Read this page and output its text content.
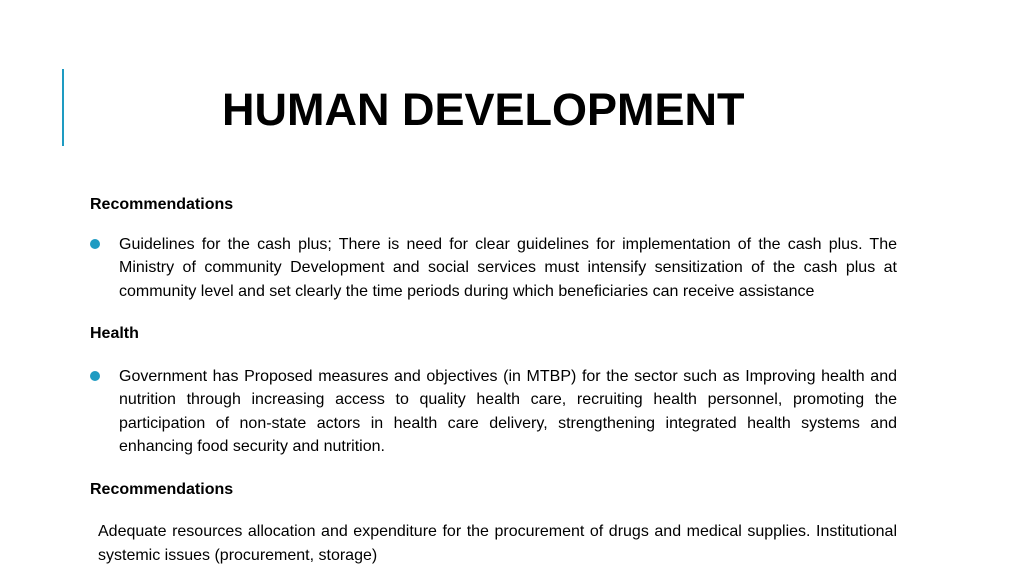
HUMAN DEVELOPMENT

Recommendations

Guidelines for the cash plus; There is need for clear guidelines for implementation of the cash plus. The Ministry of community Development and social services must intensify sensitization of the cash plus at community level and set clearly the time periods during which beneficiaries can receive assistance

Health

Government has Proposed measures and objectives (in MTBP) for the sector such as Improving health and nutrition through increasing access to quality health care, recruiting health personnel, promoting the participation of non-state actors in health care delivery, strengthening integrated health systems and enhancing food security and nutrition.

Recommendations

Adequate resources allocation and expenditure for the procurement of drugs and medical supplies. Institutional systemic issues (procurement, storage)
